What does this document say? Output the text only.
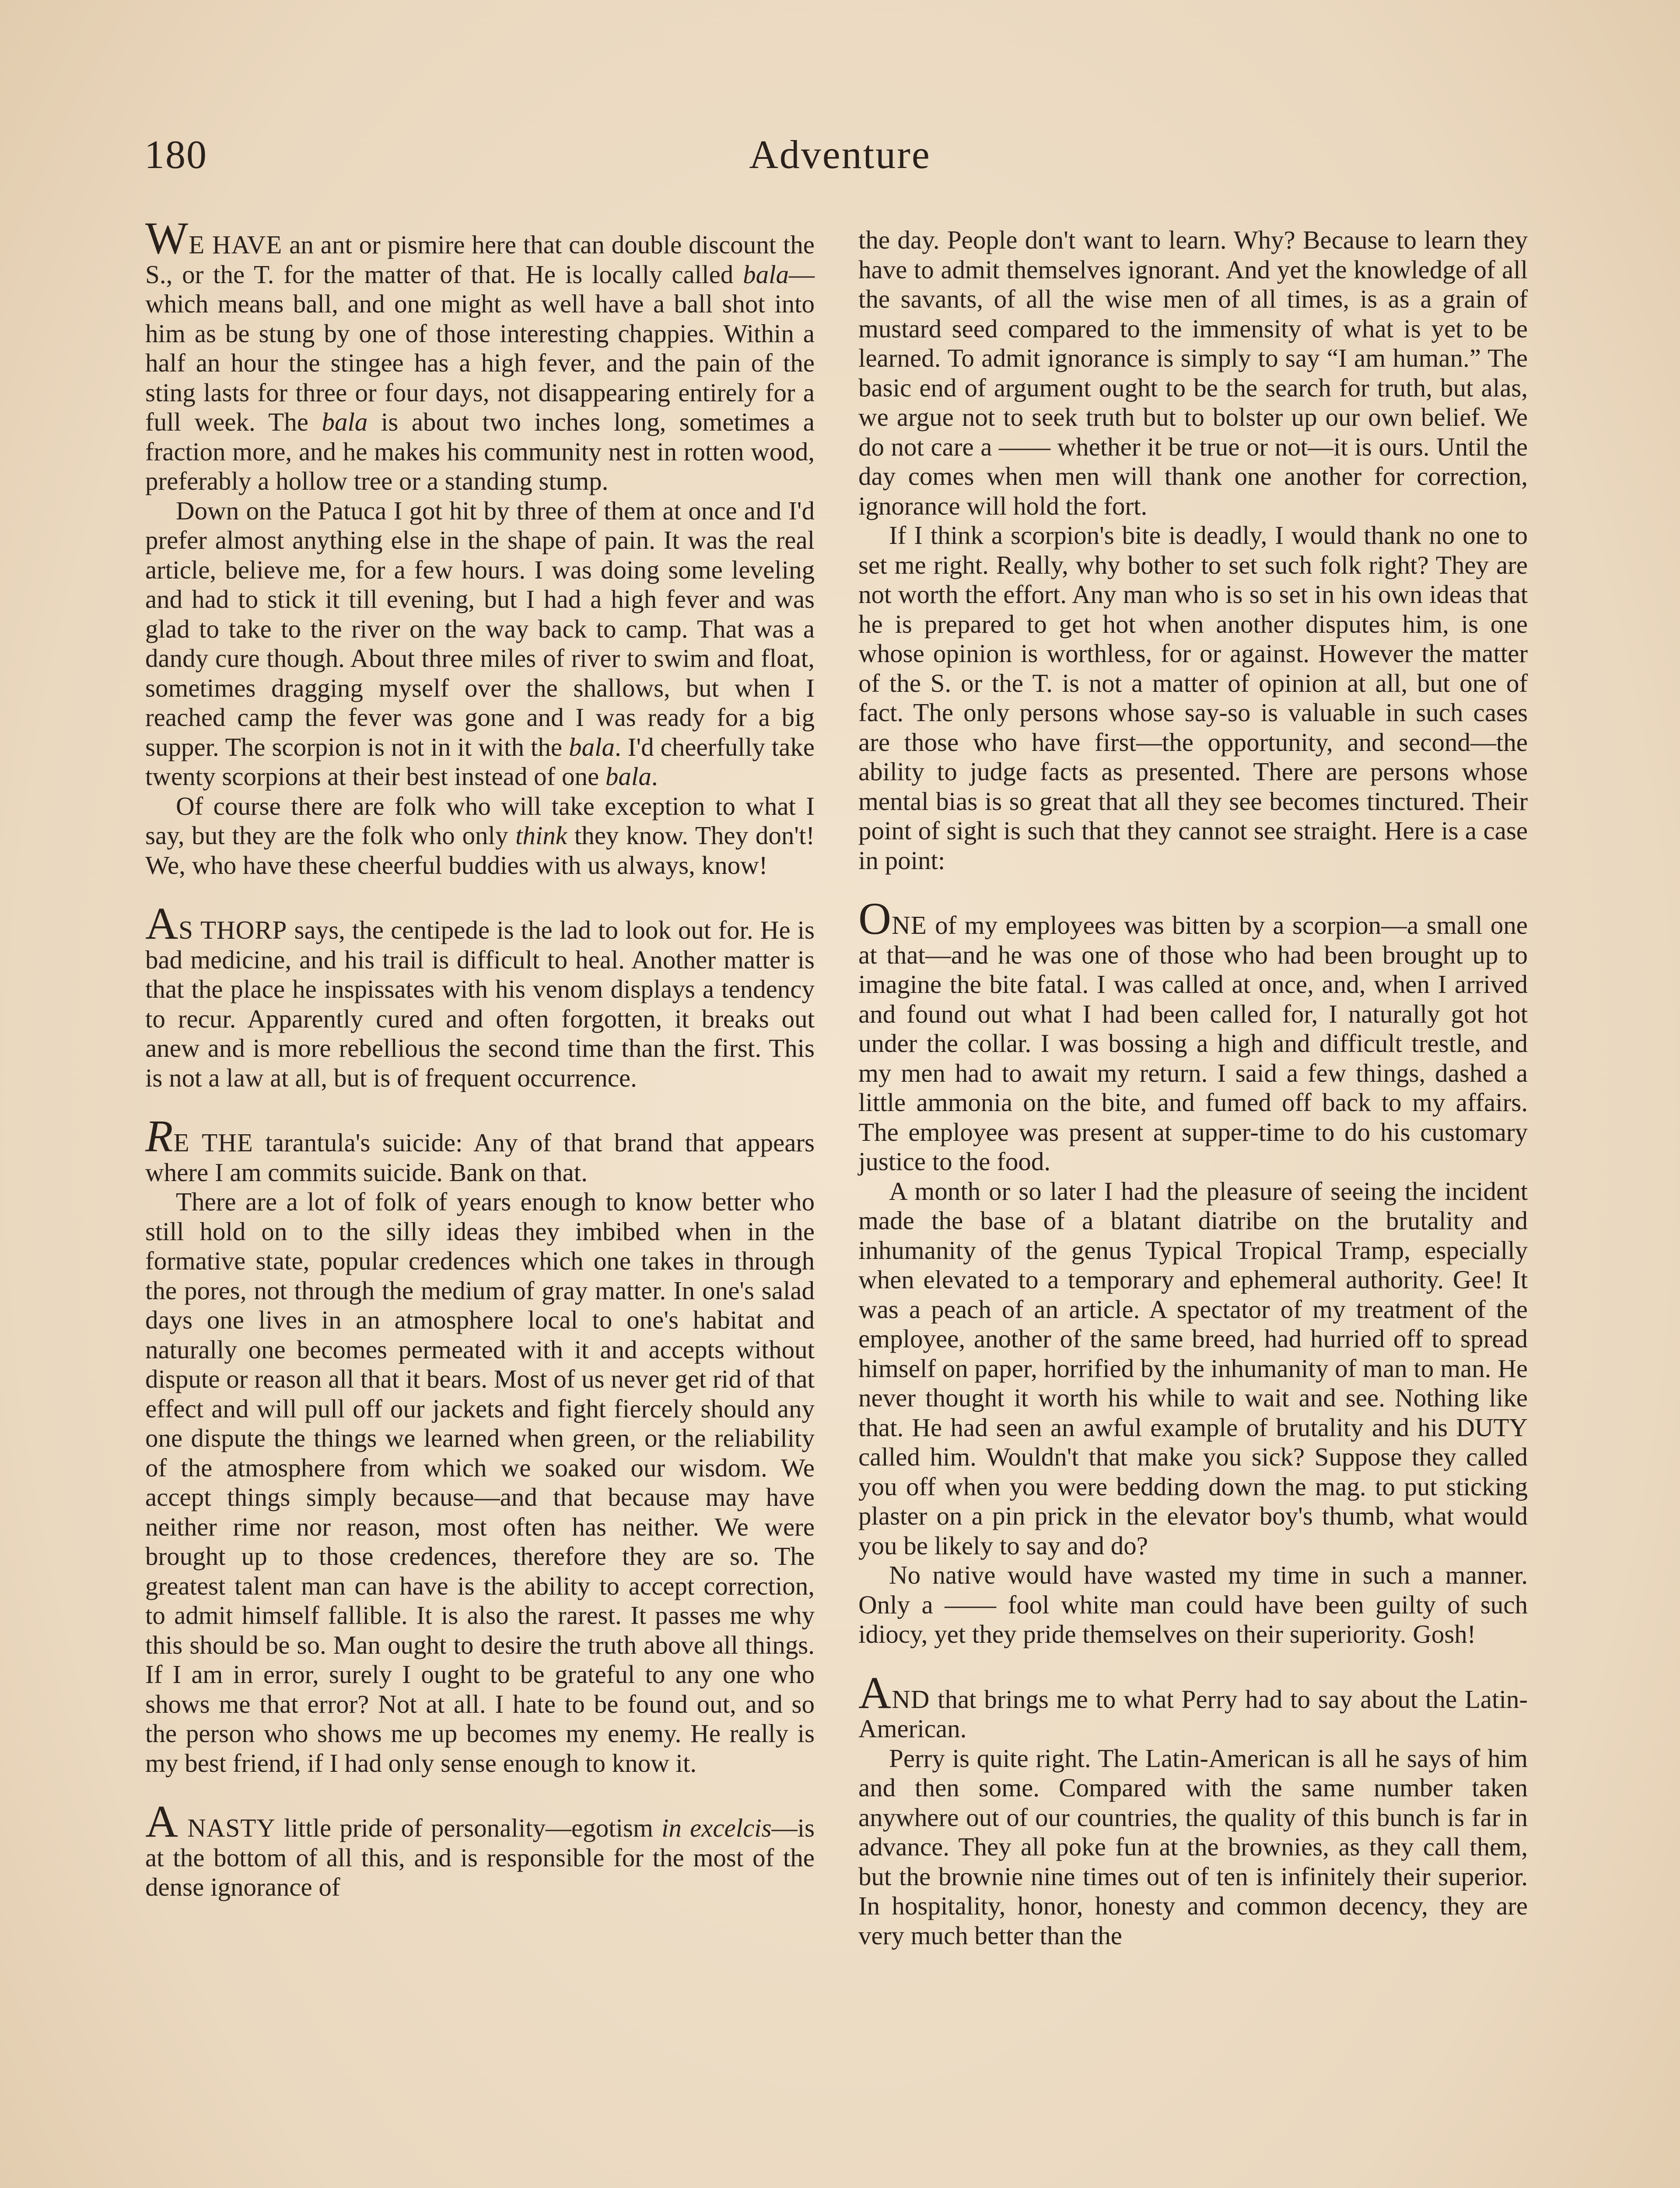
180	Adventure

WE HAVE an ant or pismire here that can double discount the S., or the T. for the matter of that. He is locally called bala—which means ball, and one might as well have a ball shot into him as be stung by one of those interesting chappies. Within a half an hour the stingee has a high fever, and the pain of the sting lasts for three or four days, not disappearing entirely for a full week. The bala is about two inches long, sometimes a fraction more, and he makes his community nest in rotten wood, preferably a hollow tree or a standing stump.

Down on the Patuca I got hit by three of them at once and I'd prefer almost anything else in the shape of pain. It was the real article, believe me, for a few hours. I was doing some leveling and had to stick it till evening, but I had a high fever and was glad to take to the river on the way back to camp. That was a dandy cure though. About three miles of river to swim and float, sometimes dragging myself over the shallows, but when I reached camp the fever was gone and I was ready for a big supper. The scorpion is not in it with the bala. I'd cheerfully take twenty scorpions at their best instead of one bala.

Of course there are folk who will take exception to what I say, but they are the folk who only think they know. They don't! We, who have these cheerful buddies with us always, know!

AS THORP says, the centipede is the lad to look out for. He is bad medicine, and his trail is difficult to heal. Another matter is that the place he inspissates with his venom displays a tendency to recur. Apparently cured and often forgotten, it breaks out anew and is more rebellious the second time than the first. This is not a law at all, but is of frequent occurrence.

RE THE tarantula's suicide: Any of that brand that appears where I am commits suicide. Bank on that.

There are a lot of folk of years enough to know better who still hold on to the silly ideas they imbibed when in the formative state, popular credences which one takes in through the pores, not through the medium of gray matter. In one's salad days one lives in an atmosphere local to one's habitat and naturally one becomes permeated with it and accepts without dispute or reason all that it bears. Most of us never get rid of that effect and will pull off our jackets and fight fiercely should any one dispute the things we learned when green, or the reliability of the atmosphere from which we soaked our wisdom. We accept things simply because—and that because may have neither rime nor reason, most often has neither. We were brought up to those credences, therefore they are so. The greatest talent man can have is the ability to accept correction, to admit himself fallible. It is also the rarest. It passes me why this should be so. Man ought to desire the truth above all things. If I am in error, surely I ought to be grateful to any one who shows me that error? Not at all. I hate to be found out, and so the person who shows me up becomes my enemy. He really is my best friend, if I had only sense enough to know it.

A NASTY little pride of personality—egotism in excelcis—is at the bottom of all this, and is responsible for the most of the dense ignorance of

the day. People don't want to learn. Why? Because to learn they have to admit themselves ignorant. And yet the knowledge of all the savants, of all the wise men of all times, is as a grain of mustard seed compared to the immensity of what is yet to be learned. To admit ignorance is simply to say “I am human.” The basic end of argument ought to be the search for truth, but alas, we argue not to seek truth but to bolster up our own belief. We do not care a —— whether it be true or not—it is ours. Until the day comes when men will thank one another for correction, ignorance will hold the fort.

If I think a scorpion's bite is deadly, I would thank no one to set me right. Really, why bother to set such folk right? They are not worth the effort. Any man who is so set in his own ideas that he is prepared to get hot when another disputes him, is one whose opinion is worthless, for or against. However the matter of the S. or the T. is not a matter of opinion at all, but one of fact. The only persons whose say-so is valuable in such cases are those who have first—the opportunity, and second—the ability to judge facts as presented. There are persons whose mental bias is so great that all they see becomes tinctured. Their point of sight is such that they cannot see straight. Here is a case in point:

ONE of my employees was bitten by a scorpion—a small one at that—and he was one of those who had been brought up to imagine the bite fatal. I was called at once, and, when I arrived and found out what I had been called for, I naturally got hot under the collar. I was bossing a high and difficult trestle, and my men had to await my return. I said a few things, dashed a little ammonia on the bite, and fumed off back to my affairs. The employee was present at supper-time to do his customary justice to the food.

A month or so later I had the pleasure of seeing the incident made the base of a blatant diatribe on the brutality and inhumanity of the genus Typical Tropical Tramp, especially when elevated to a temporary and ephemeral authority. Gee! It was a peach of an article. A spectator of my treatment of the employee, another of the same breed, had hurried off to spread himself on paper, horrified by the inhumanity of man to man. He never thought it worth his while to wait and see. Nothing like that. He had seen an awful example of brutality and his DUTY called him. Wouldn't that make you sick? Suppose they called you off when you were bedding down the mag. to put sticking plaster on a pin prick in the elevator boy's thumb, what would you be likely to say and do?

No native would have wasted my time in such a manner. Only a —— fool white man could have been guilty of such idiocy, yet they pride themselves on their superiority. Gosh!

AND that brings me to what Perry had to say about the Latin-American.

Perry is quite right. The Latin-American is all he says of him and then some. Compared with the same number taken anywhere out of our countries, the quality of this bunch is far in advance. They all poke fun at the brownies, as they call them, but the brownie nine times out of ten is infinitely their superior. In hospitality, honor, honesty and common decency, they are very much better than the
